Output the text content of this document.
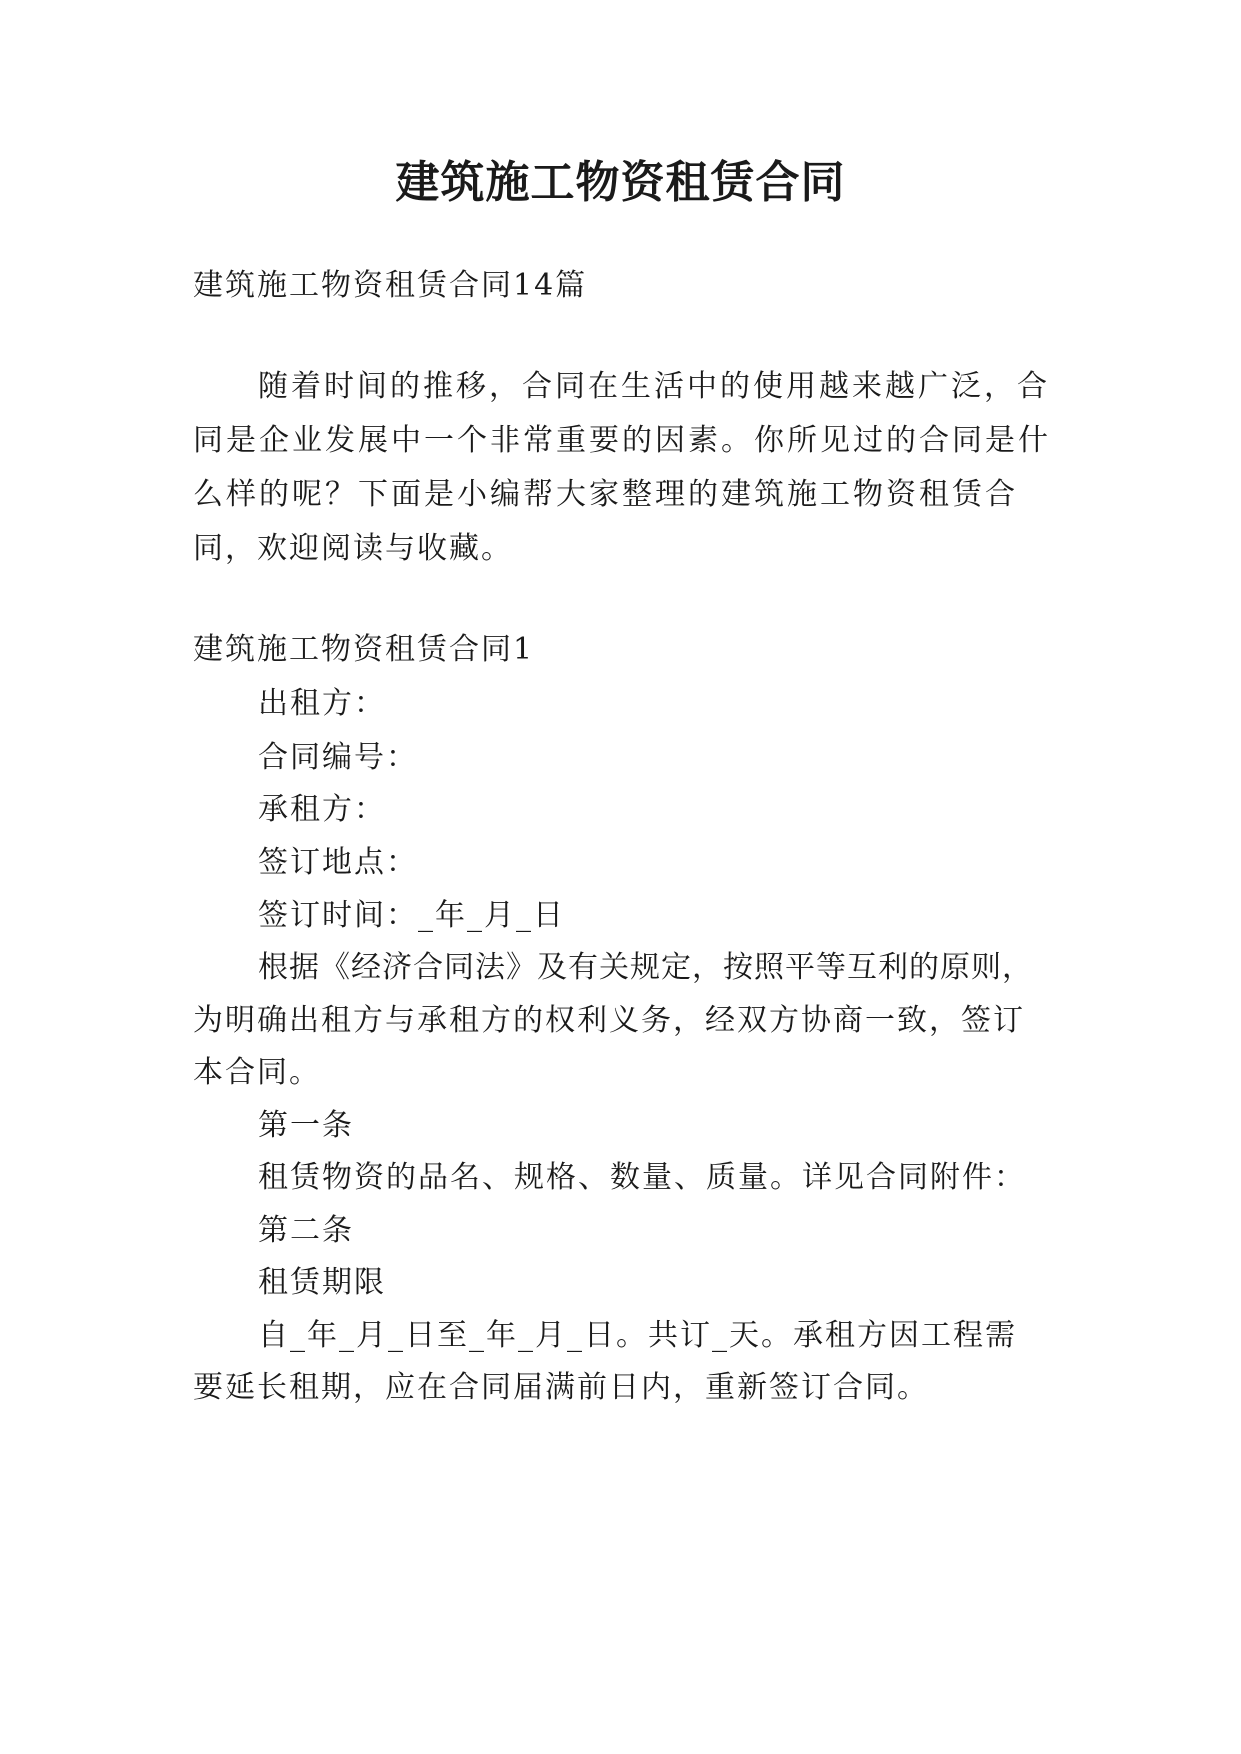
建筑施工物资租赁合同
建筑施工物资租赁合同14篇
随着时间的推移，合同在生活中的使用越来越广泛，合
同是企业发展中一个非常重要的因素。你所见过的合同是什
么样的呢？下面是小编帮大家整理的建筑施工物资租赁合
同，欢迎阅读与收藏。
建筑施工物资租赁合同1
出租方：
合同编号：
承租方：
签订地点：
签订时间：_年_月_日
根据《经济合同法》及有关规定，按照平等互利的原则，
为明确出租方与承租方的权利义务，经双方协商一致，签订
本合同。
第一条
租赁物资的品名、规格、数量、质量。详见合同附件：
第二条
租赁期限
自_年_月_日至_年_月_日。共订_天。承租方因工程需
要延长租期，应在合同届满前日内，重新签订合同。
